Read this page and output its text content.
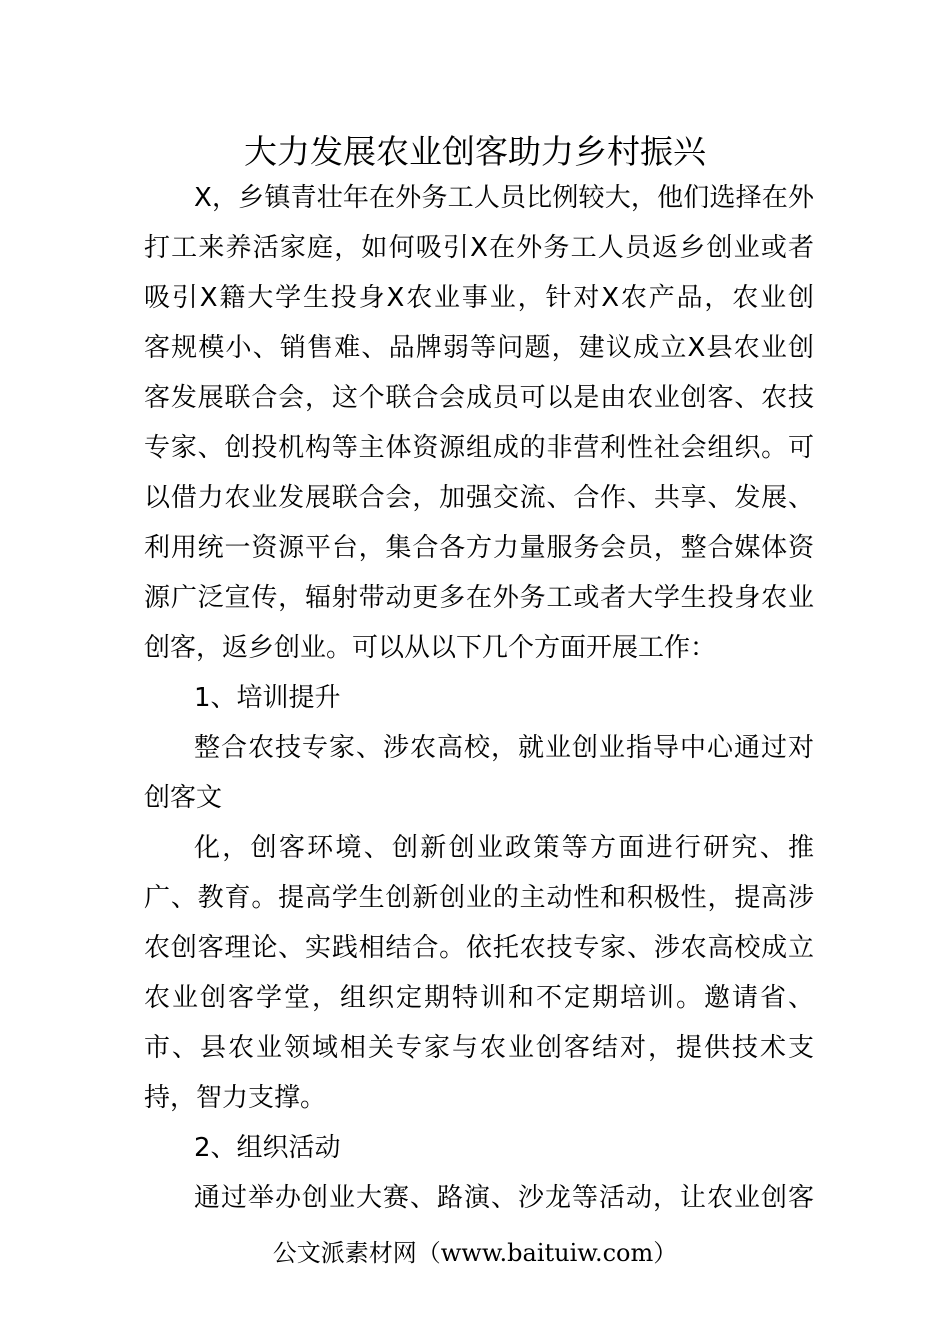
大力发展农业创客助力乡村振兴
X，乡镇青壮年在外务工人员比例较大，他们选择在外
打工来养活家庭，如何吸引X在外务工人员返乡创业或者
吸引X籍大学生投身X农业事业，针对X农产品，农业创
客规模小、销售难、品牌弱等问题，建议成立X县农业创
客发展联合会，这个联合会成员可以是由农业创客、农技
专家、创投机构等主体资源组成的非营利性社会组织。可
以借力农业发展联合会，加强交流、合作、共享、发展、
利用统一资源平台，集合各方力量服务会员，整合媒体资
源广泛宣传，辐射带动更多在外务工或者大学生投身农业
创客，返乡创业。可以从以下几个方面开展工作：
1、培训提升
整合农技专家、涉农高校，就业创业指导中心通过对
创客文
化，创客环境、创新创业政策等方面进行研究、推
广、教育。提高学生创新创业的主动性和积极性，提高涉
农创客理论、实践相结合。依托农技专家、涉农高校成立
农业创客学堂，组织定期特训和不定期培训。邀请省、
市、县农业领域相关专家与农业创客结对，提供技术支
持，智力支撑。
2、组织活动
通过举办创业大赛、路演、沙龙等活动，让农业创客
公文派素材网（www.baituiw.com）
